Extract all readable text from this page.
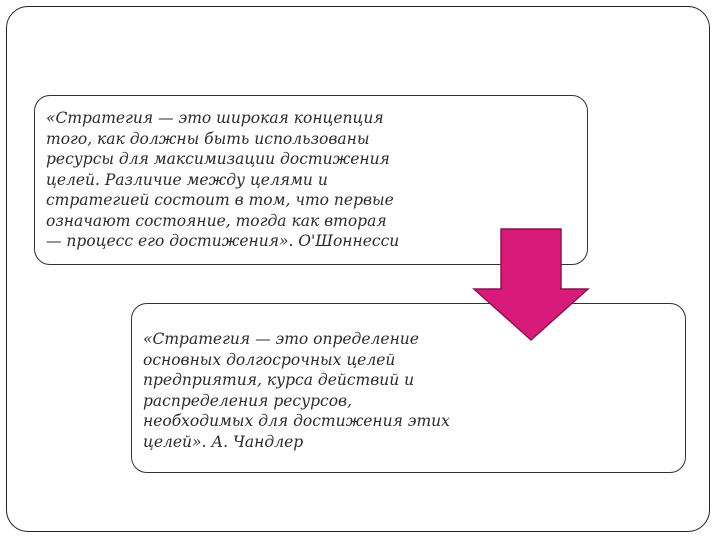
«Стратегия — это широкая концепция
того, как должны быть использованы
ресурсы для максимизации достижения
целей. Различие между целями и
стратегией состоит в том, что первые
означают состояние, тогда как вторая
— процесс его достижения». О'Шоннесси
«Стратегия — это определение
основных долгосрочных целей
предприятия, курса действий и
распределения ресурсов,
необходимых для достижения этих
целей». А. Чандлер
